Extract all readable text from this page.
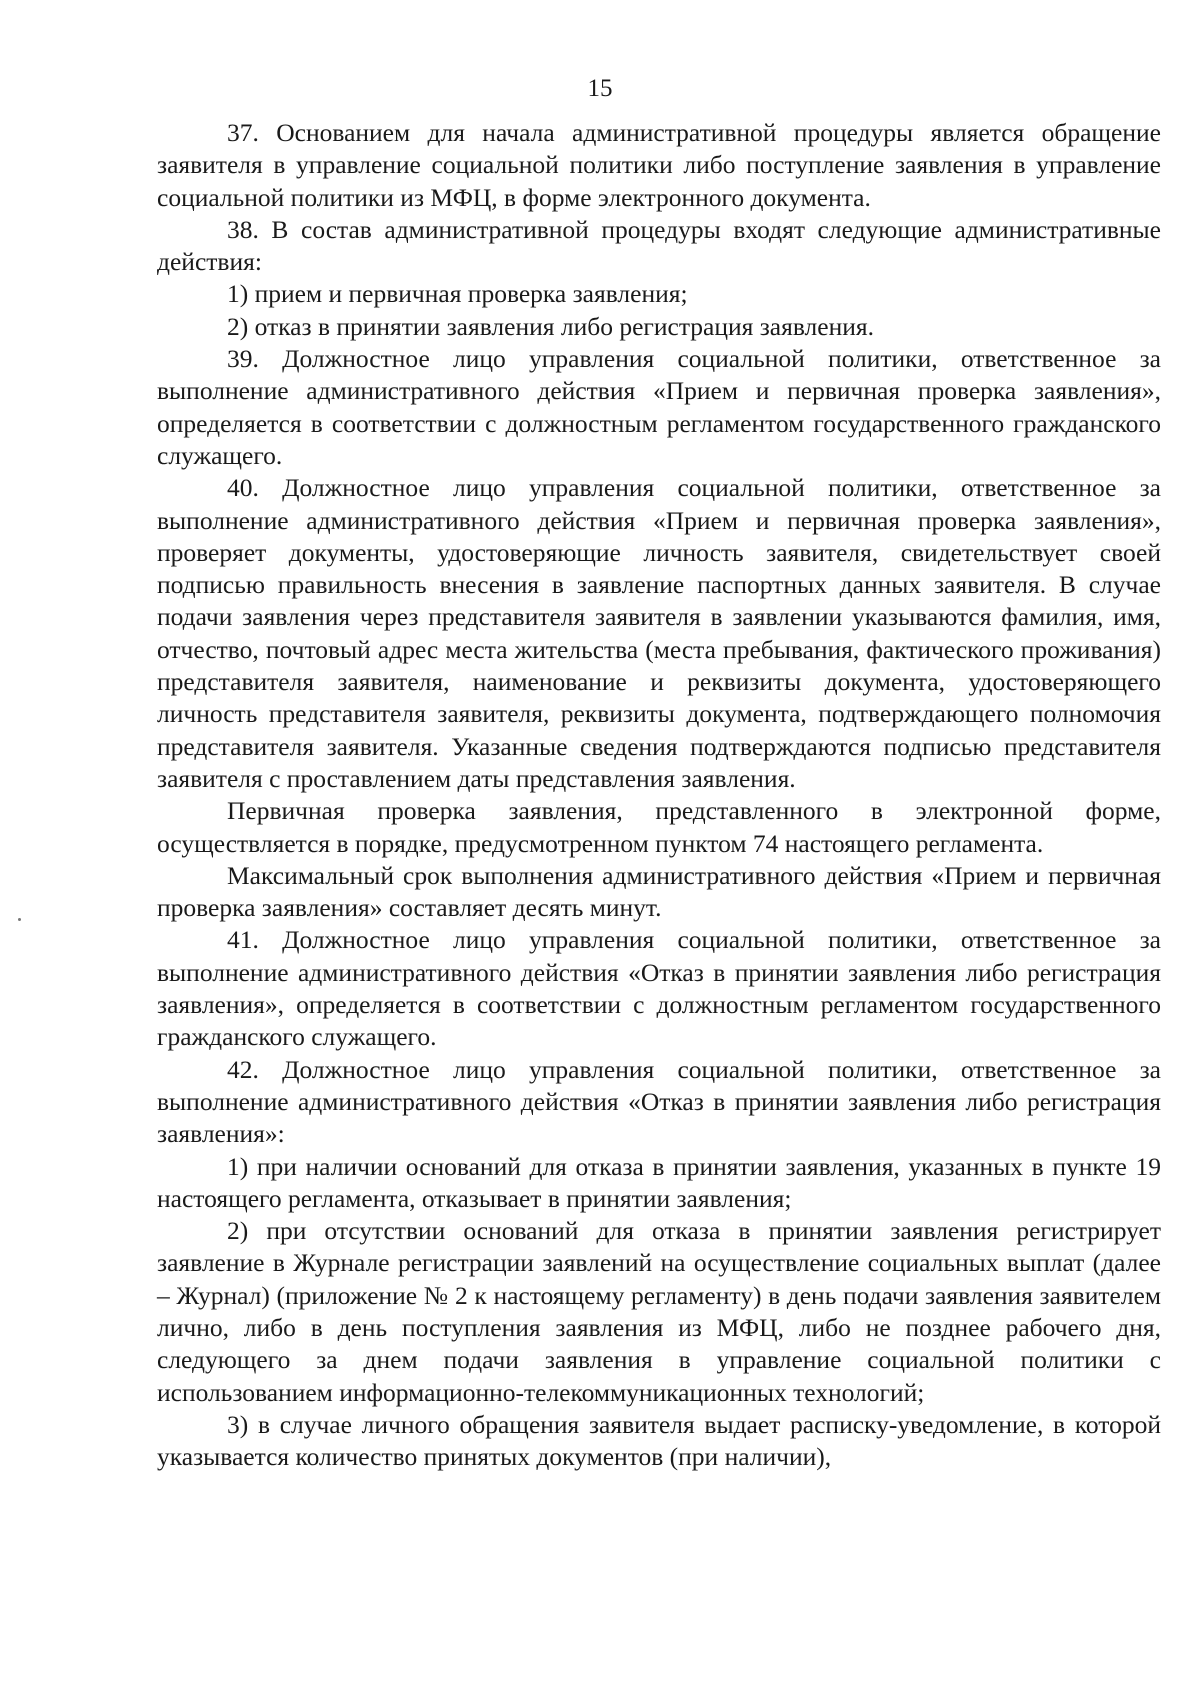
15

37. Основанием для начала административной процедуры является обращение заявителя в управление социальной политики либо поступление заявления в управление социальной политики из МФЦ, в форме электронного документа.

38. В состав административной процедуры входят следующие административные действия:

1) прием и первичная проверка заявления;

2) отказ в принятии заявления либо регистрация заявления.

39. Должностное лицо управления социальной политики, ответственное за выполнение административного действия «Прием и первичная проверка заявления», определяется в соответствии с должностным регламентом государственного гражданского служащего.

40. Должностное лицо управления социальной политики, ответственное за выполнение административного действия «Прием и первичная проверка заявления», проверяет документы, удостоверяющие личность заявителя, свидетельствует своей подписью правильность внесения в заявление паспортных данных заявителя. В случае подачи заявления через представителя заявителя в заявлении указываются фамилия, имя, отчество, почтовый адрес места жительства (места пребывания, фактического проживания) представителя заявителя, наименование и реквизиты документа, удостоверяющего личность представителя заявителя, реквизиты документа, подтверждающего полномочия представителя заявителя. Указанные сведения подтверждаются подписью представителя заявителя с проставлением даты представления заявления.

Первичная проверка заявления, представленного в электронной форме, осуществляется в порядке, предусмотренном пунктом 74 настоящего регламента.

Максимальный срок выполнения административного действия «Прием и первичная проверка заявления» составляет десять минут.

41. Должностное лицо управления социальной политики, ответственное за выполнение административного действия «Отказ в принятии заявления либо регистрация заявления», определяется в соответствии с должностным регламентом государственного гражданского служащего.

42. Должностное лицо управления социальной политики, ответственное за выполнение административного действия «Отказ в принятии заявления либо регистрация заявления»:

1) при наличии оснований для отказа в принятии заявления, указанных в пункте 19 настоящего регламента, отказывает в принятии заявления;

2) при отсутствии оснований для отказа в принятии заявления регистрирует заявление в Журнале регистрации заявлений на осуществление социальных выплат (далее – Журнал) (приложение № 2 к настоящему регламенту) в день подачи заявления заявителем лично, либо в день поступления заявления из МФЦ, либо не позднее рабочего дня, следующего за днем подачи заявления в управление социальной политики с использованием информационно-телекоммуникационных технологий;

3) в случае личного обращения заявителя выдает расписку-уведомление, в которой указывается количество принятых документов (при наличии),
